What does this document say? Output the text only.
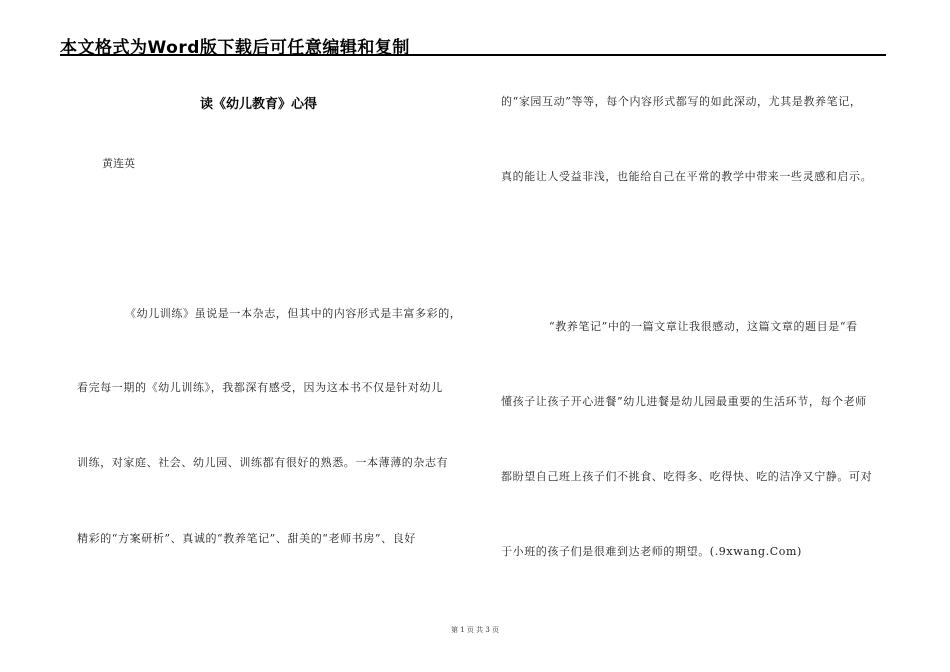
本文格式为Word版下载后可任意编辑和复制
读《幼儿教育》心得
黄连英
《幼儿训练》虽说是一本杂志，但其中的内容形式是丰富多彩的，
看完每一期的《幼儿训练》，我都深有感受，因为这本书不仅是针对幼儿
训练，对家庭、社会、幼儿园、训练都有很好的熟悉。一本薄薄的杂志有
精彩的“方案研析”、真诚的“教养笔记”、甜美的“老师书房”、良好
的“家园互动”等等，每个内容形式都写的如此深动，尤其是教养笔记，
真的能让人受益非浅，也能给自己在平常的教学中带来一些灵感和启示。
“教养笔记”中的一篇文章让我很感动，这篇文章的题目是“看
懂孩子让孩子开心进餐”幼儿进餐是幼儿园最重要的生活环节，每个老师
都盼望自己班上孩子们不挑食、吃得多、吃得快、吃的洁净又宁静。可对
于小班的孩子们是很难到达老师的期望。(.9xwang.Com)
第 1 页 共 3 页
